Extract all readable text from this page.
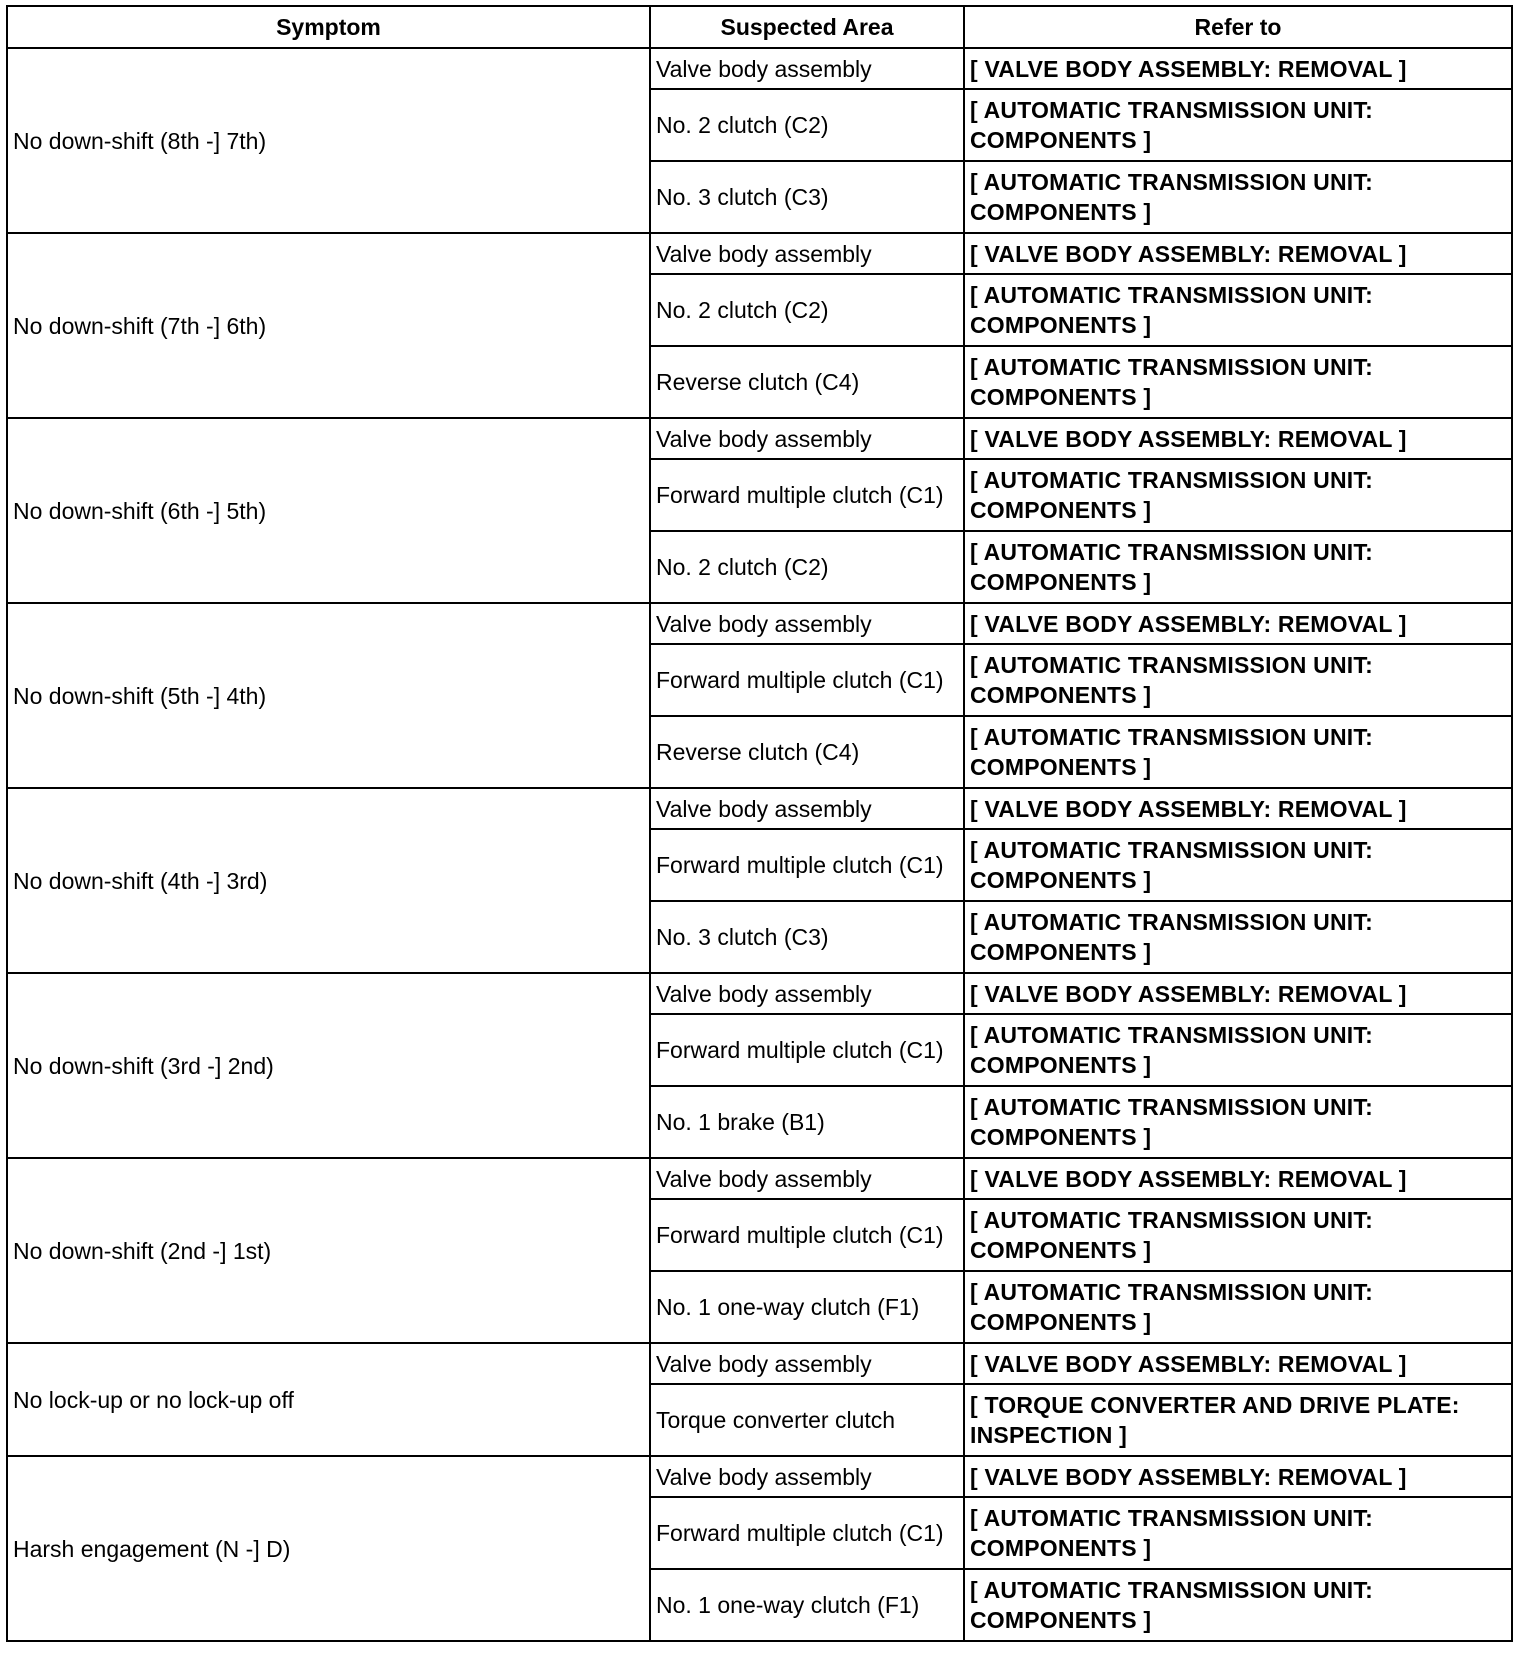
Symptom	Suspected Area	Refer to
No down-shift (8th -] 7th)	Valve body assembly	[ VALVE BODY ASSEMBLY: REMOVAL ]
	No. 2 clutch (C2)	[ AUTOMATIC TRANSMISSION UNIT: COMPONENTS ]
	No. 3 clutch (C3)	[ AUTOMATIC TRANSMISSION UNIT: COMPONENTS ]
No down-shift (7th -] 6th)	Valve body assembly	[ VALVE BODY ASSEMBLY: REMOVAL ]
	No. 2 clutch (C2)	[ AUTOMATIC TRANSMISSION UNIT: COMPONENTS ]
	Reverse clutch (C4)	[ AUTOMATIC TRANSMISSION UNIT: COMPONENTS ]
No down-shift (6th -] 5th)	Valve body assembly	[ VALVE BODY ASSEMBLY: REMOVAL ]
	Forward multiple clutch (C1)	[ AUTOMATIC TRANSMISSION UNIT: COMPONENTS ]
	No. 2 clutch (C2)	[ AUTOMATIC TRANSMISSION UNIT: COMPONENTS ]
No down-shift (5th -] 4th)	Valve body assembly	[ VALVE BODY ASSEMBLY: REMOVAL ]
	Forward multiple clutch (C1)	[ AUTOMATIC TRANSMISSION UNIT: COMPONENTS ]
	Reverse clutch (C4)	[ AUTOMATIC TRANSMISSION UNIT: COMPONENTS ]
No down-shift (4th -] 3rd)	Valve body assembly	[ VALVE BODY ASSEMBLY: REMOVAL ]
	Forward multiple clutch (C1)	[ AUTOMATIC TRANSMISSION UNIT: COMPONENTS ]
	No. 3 clutch (C3)	[ AUTOMATIC TRANSMISSION UNIT: COMPONENTS ]
No down-shift (3rd -] 2nd)	Valve body assembly	[ VALVE BODY ASSEMBLY: REMOVAL ]
	Forward multiple clutch (C1)	[ AUTOMATIC TRANSMISSION UNIT: COMPONENTS ]
	No. 1 brake (B1)	[ AUTOMATIC TRANSMISSION UNIT: COMPONENTS ]
No down-shift (2nd -] 1st)	Valve body assembly	[ VALVE BODY ASSEMBLY: REMOVAL ]
	Forward multiple clutch (C1)	[ AUTOMATIC TRANSMISSION UNIT: COMPONENTS ]
	No. 1 one-way clutch (F1)	[ AUTOMATIC TRANSMISSION UNIT: COMPONENTS ]
No lock-up or no lock-up off	Valve body assembly	[ VALVE BODY ASSEMBLY: REMOVAL ]
	Torque converter clutch	[ TORQUE CONVERTER AND DRIVE PLATE: INSPECTION ]
Harsh engagement (N -] D)	Valve body assembly	[ VALVE BODY ASSEMBLY: REMOVAL ]
	Forward multiple clutch (C1)	[ AUTOMATIC TRANSMISSION UNIT: COMPONENTS ]
	No. 1 one-way clutch (F1)	[ AUTOMATIC TRANSMISSION UNIT: COMPONENTS ]
